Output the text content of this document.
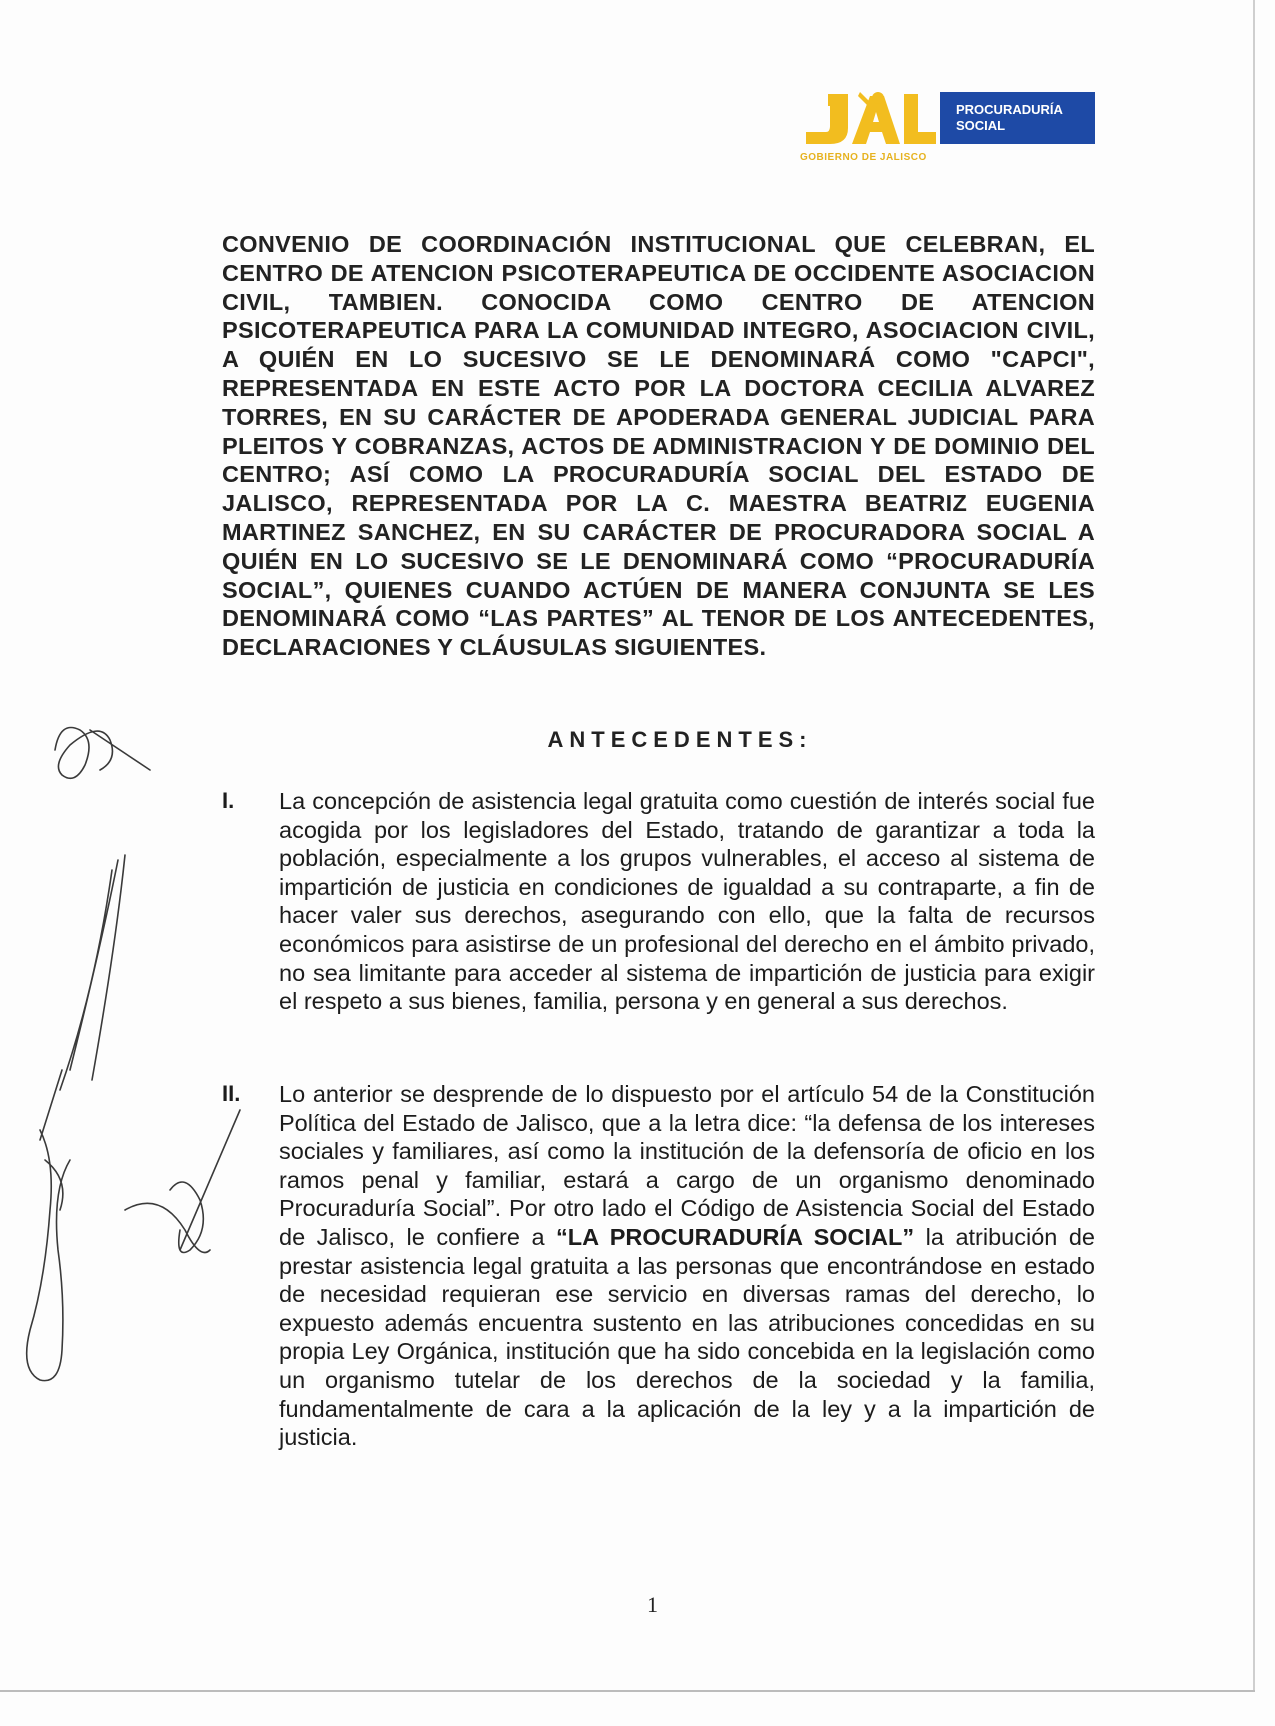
PROCURADURÍA
SOCIAL
GOBIERNO DE JALISCO
CONVENIO DE COORDINACIÓN INSTITUCIONAL QUE CELEBRAN, EL CENTRO DE ATENCION PSICOTERAPEUTICA DE OCCIDENTE ASOCIACION CIVIL, TAMBIEN. CONOCIDA COMO CENTRO DE ATENCION PSICOTERAPEUTICA PARA LA COMUNIDAD INTEGRO, ASOCIACION CIVIL, A QUIÉN EN LO SUCESIVO SE LE DENOMINARÁ COMO "CAPCI", REPRESENTADA EN ESTE ACTO POR LA DOCTORA CECILIA ALVAREZ TORRES, EN SU CARÁCTER DE APODERADA GENERAL JUDICIAL PARA PLEITOS Y COBRANZAS, ACTOS DE ADMINISTRACION Y DE DOMINIO DEL CENTRO; ASÍ COMO LA PROCURADURÍA SOCIAL DEL ESTADO DE JALISCO, REPRESENTADA POR LA C. MAESTRA BEATRIZ EUGENIA MARTINEZ SANCHEZ, EN SU CARÁCTER DE PROCURADORA SOCIAL A QUIÉN EN LO SUCESIVO SE LE DENOMINARÁ COMO “PROCURADURÍA SOCIAL”, QUIENES CUANDO ACTÚEN DE MANERA CONJUNTA SE LES DENOMINARÁ COMO “LAS PARTES” AL TENOR DE LOS ANTECEDENTES, DECLARACIONES Y CLÁUSULAS SIGUIENTES.
ANTECEDENTES:
I. La concepción de asistencia legal gratuita como cuestión de interés social fue acogida por los legisladores del Estado, tratando de garantizar a toda la población, especialmente a los grupos vulnerables, el acceso al sistema de impartición de justicia en condiciones de igualdad a su contraparte, a fin de hacer valer sus derechos, asegurando con ello, que la falta de recursos económicos para asistirse de un profesional del derecho en el ámbito privado, no sea limitante para acceder al sistema de impartición de justicia para exigir el respeto a sus bienes, familia, persona y en general a sus derechos.
II. Lo anterior se desprende de lo dispuesto por el artículo 54 de la Constitución Política del Estado de Jalisco, que a la letra dice: “la defensa de los intereses sociales y familiares, así como la institución de la defensoría de oficio en los ramos penal y familiar, estará a cargo de un organismo denominado Procuraduría Social”. Por otro lado el Código de Asistencia Social del Estado de Jalisco, le confiere a “LA PROCURADURÍA SOCIAL” la atribución de prestar asistencia legal gratuita a las personas que encontrándose en estado de necesidad requieran ese servicio en diversas ramas del derecho, lo expuesto además encuentra sustento en las atribuciones concedidas en su propia Ley Orgánica, institución que ha sido concebida en la legislación como un organismo tutelar de los derechos de la sociedad y la familia, fundamentalmente de cara a la aplicación de la ley y a la impartición de justicia.
1
